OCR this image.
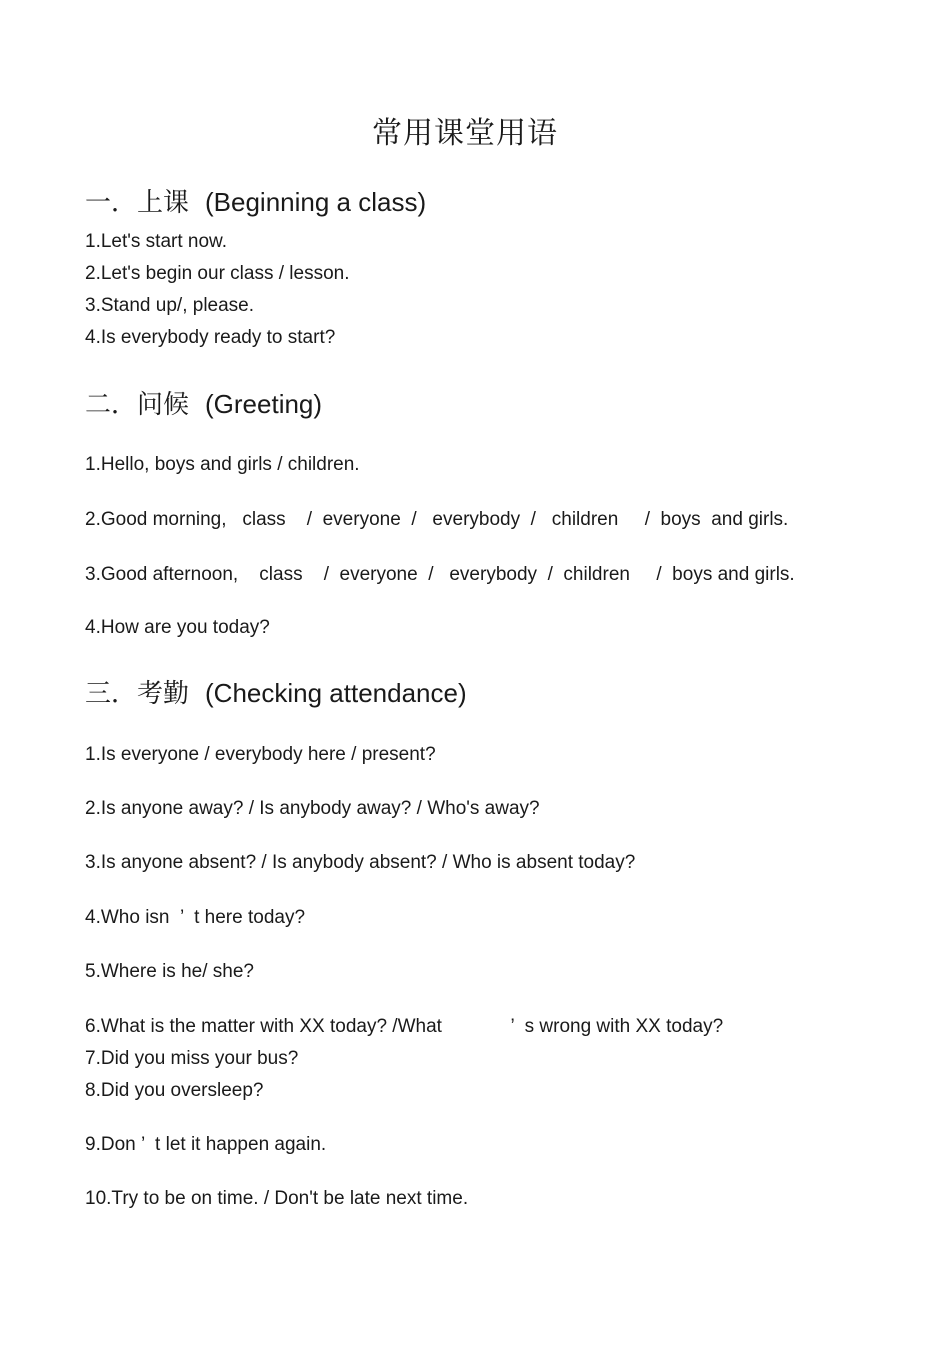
常用课堂用语
一．上课 (Beginning a class)

1.Let's start now.

2.Let's begin our class / lesson.

3.Stand up/, please.

4.Is everybody ready to start?

二．问候 (Greeting)

1.Hello, boys and girls / children.

2.Good morning,   class    /  everyone  /   everybody  /   children     /  boys  and girls.

3.Good afternoon,    class    /  everyone  /   everybody  /  children     /  boys and girls.

4.How are you today?

三．考勤 (Checking attendance)

1.Is everyone / everybody here / present?

2.Is anyone away? / Is anybody away? / Who's away?

3.Is anyone absent? / Is anybody absent? / Who is absent today?

4.Who isn  ’  t here today?

5.Where is he/ she?

6.What is the matter with XX today? /What             ’  s wrong with XX today?

7.Did you miss your bus?

8.Did you oversleep?

9.Don ’  t let it happen again.

10.Try to be on time. / Don't be late next time.
